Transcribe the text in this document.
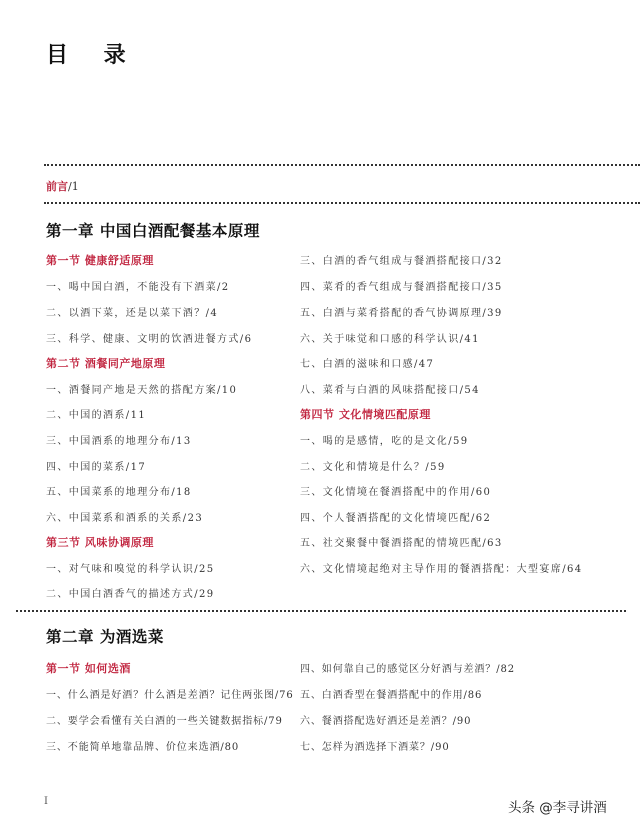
目 录
前言/1
第一章 中国白酒配餐基本原理
第一节 健康舒适原理
一、喝中国白酒，不能没有下酒菜/2
二、以酒下菜，还是以菜下酒？/4
三、科学、健康、文明的饮酒进餐方式/6
第二节 酒餐同产地原理
一、酒餐同产地是天然的搭配方案/10
二、中国的酒系/11
三、中国酒系的地理分布/13
四、中国的菜系/17
五、中国菜系的地理分布/18
六、中国菜系和酒系的关系/23
第三节 风味协调原理
一、对气味和嗅觉的科学认识/25
二、中国白酒香气的描述方式/29
三、白酒的香气组成与餐酒搭配接口/32
四、菜肴的香气组成与餐酒搭配接口/35
五、白酒与菜肴搭配的香气协调原理/39
六、关于味觉和口感的科学认识/41
七、白酒的滋味和口感/47
八、菜肴与白酒的风味搭配接口/54
第四节 文化情境匹配原理
一、喝的是感情，吃的是文化/59
二、文化和情境是什么？/59
三、文化情境在餐酒搭配中的作用/60
四、个人餐酒搭配的文化情境匹配/62
五、社交聚餐中餐酒搭配的情境匹配/63
六、文化情境起绝对主导作用的餐酒搭配：大型宴席/64
第二章 为酒选菜
第一节 如何选酒
一、什么酒是好酒？什么酒是差酒？记住两张图/76
二、要学会看懂有关白酒的一些关键数据指标/79
三、不能简单地靠品牌、价位来选酒/80
四、如何靠自己的感觉区分好酒与差酒？/82
五、白酒香型在餐酒搭配中的作用/86
六、餐酒搭配选好酒还是差酒？/90
七、怎样为酒选择下酒菜？/90
I	头条 @李寻讲酒
